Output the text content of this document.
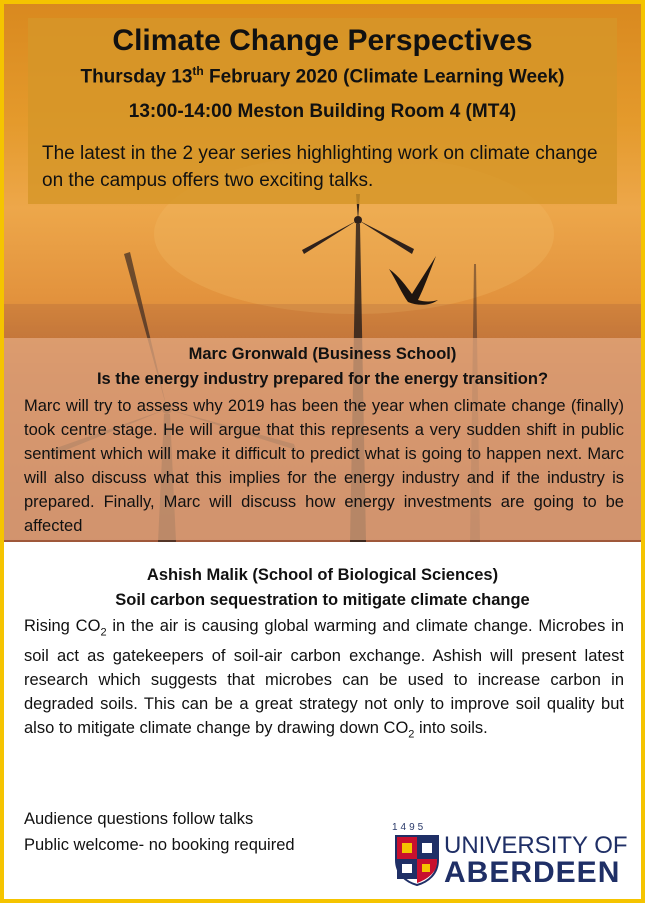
Climate Change Perspectives
Thursday 13th February 2020 (Climate Learning Week)
13:00-14:00 Meston Building Room 4 (MT4)
The latest in the 2 year series highlighting work on climate change on the campus offers two exciting talks.
Marc Gronwald (Business School)
Is the energy industry prepared for the energy transition?

Marc will try to assess why 2019 has been the year when climate change (finally) took centre stage. He will argue that this represents a very sudden shift in public sentiment which will make it difficult to predict what is going to happen next. Marc will also discuss what this implies for the energy industry and if the industry is prepared. Finally, Marc will discuss how energy investments are going to be affected

Ashish Malik (School of Biological Sciences)
Soil carbon sequestration to mitigate climate change

Rising $CO_2$ in the air is causing global warming and climate change. Microbes in soil act as gatekeepers of soil-air carbon exchange. Ashish will present latest research which suggests that microbes can be used to increase carbon in degraded soils. This can be a great strategy not only to improve soil quality but also to mitigate climate change by drawing down $CO_2$ into soils.

Audience questions follow talks
Public welcome- no booking required
1495
UNIVERSITY OF
ABERDEEN
